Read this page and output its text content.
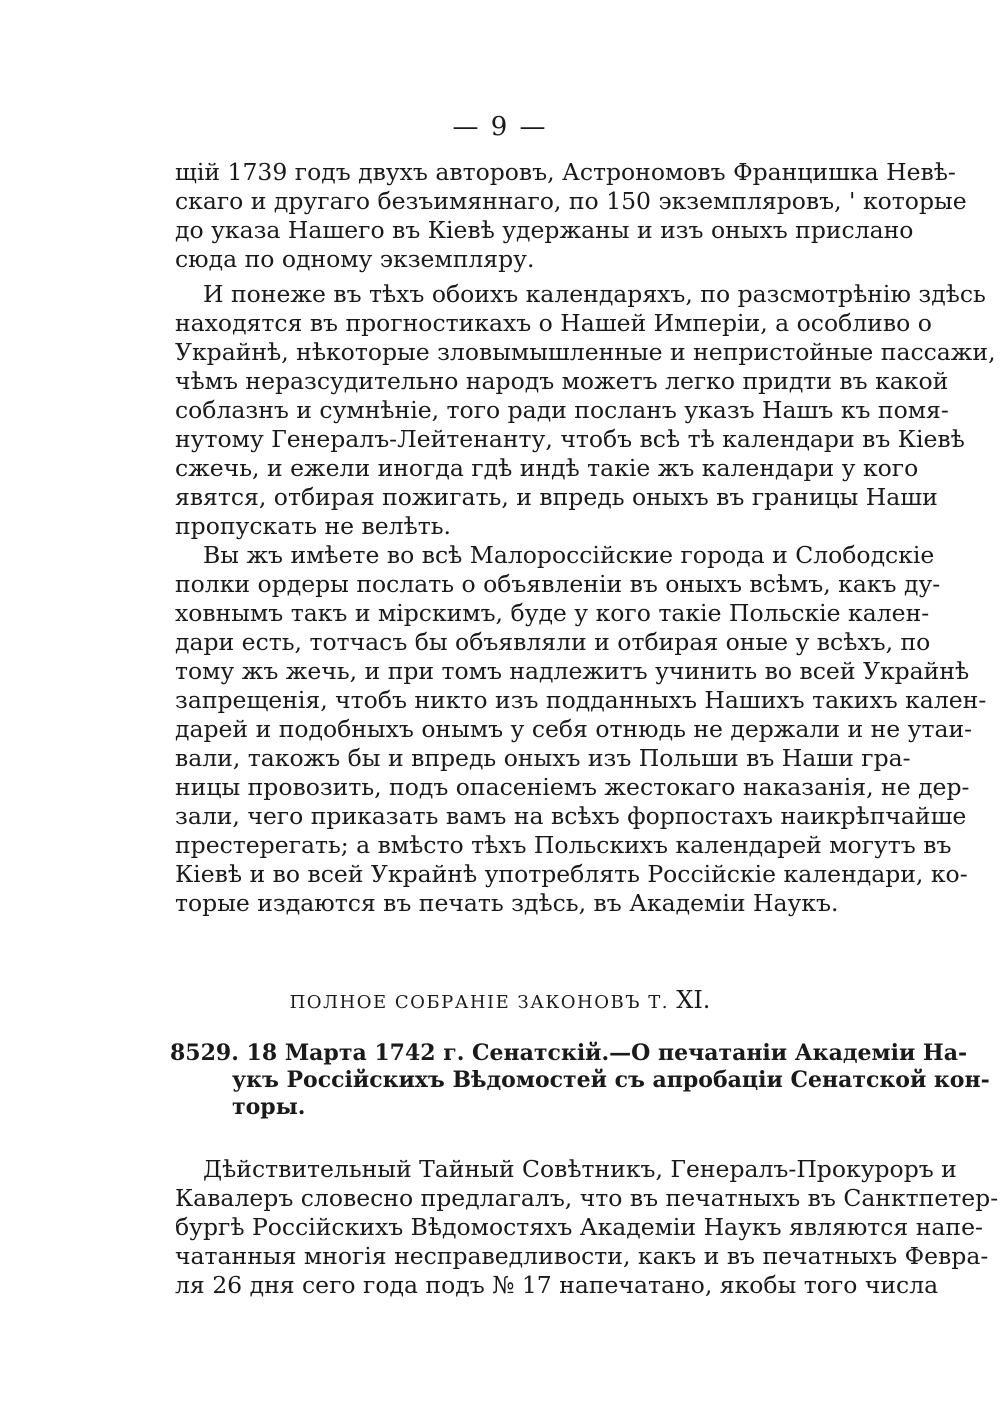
— 9 —
щій 1739 годъ двухъ авторовъ, Астрономовъ Францишка Невѣ-
скаго и другаго безъимяннаго, по 150 экземпляровъ, ' которые
до указа Нашего въ Кіевѣ удержаны и изъ оныхъ прислано
сюда по одному экземпляру.
И понеже въ тѣхъ обоихъ календаряхъ, по разсмотрѣнію здѣсь
находятся въ прогностикахъ о Нашей Имперіи, а особливо о
Украйнѣ, нѣкоторые зловымышленные и непристойные пассажи,
чѣмъ неразсудительно народъ можетъ легко придти въ какой
соблазнъ и сумнѣніе, того ради посланъ указъ Нашъ къ помя-
нутому Генералъ-Лейтенанту, чтобъ всѣ тѣ календари въ Кіевѣ
сжечь, и ежели иногда гдѣ индѣ такіе жъ календари у кого
явятся, отбирая пожигать, и впредь оныхъ въ границы Наши
пропускать не велѣть.
Вы жъ имѣете во всѣ Малороссійские города и Слободскіе
полки ордеры послать о объявленіи въ оныхъ всѣмъ, какъ ду-
ховнымъ такъ и мірскимъ, буде у кого такіе Польскіе кален-
дари есть, тотчасъ бы объявляли и отбирая оные у всѣхъ, по
тому жъ жечь, и при томъ надлежитъ учинить во всей Украйнѣ
запрещенія, чтобъ никто изъ подданныхъ Нашихъ такихъ кален-
дарей и подобныхъ онымъ у себя отнюдь не держали и не утаи-
вали, такожъ бы и впредь оныхъ изъ Польши въ Наши гра-
ницы провозить, подъ опасеніемъ жестокаго наказанія, не дер-
зали, чего приказать вамъ на всѣхъ форпостахъ наикрѣпчайше
престерегать; а вмѣсто тѣхъ Польскихъ календарей могутъ въ
Кіевѣ и во всей Украйнѣ употреблять Россійскіе календари, ко-
торые издаются въ печать здѣсь, въ Академіи Наукъ.
ПОЛНОЕ СОБРАНІЕ ЗАКОНОВЪ Т. XI.
8529. 18 Марта 1742 г. Сенатскій.—О печатаніи Академіи На-
укъ Россійскихъ Вѣдомостей съ апробаціи Сенатской кон-
торы.
Дѣйствительный Тайный Совѣтникъ, Генералъ-Прокуроръ и
Кавалеръ словесно предлагалъ, что въ печатныхъ въ Санктпетер-
бургѣ Россійскихъ Вѣдомостяхъ Академіи Наукъ являются напе-
чатанныя многія несправедливости, какъ и въ печатныхъ Февра-
ля 26 дня сего года подъ № 17 напечатано, якобы того числа
